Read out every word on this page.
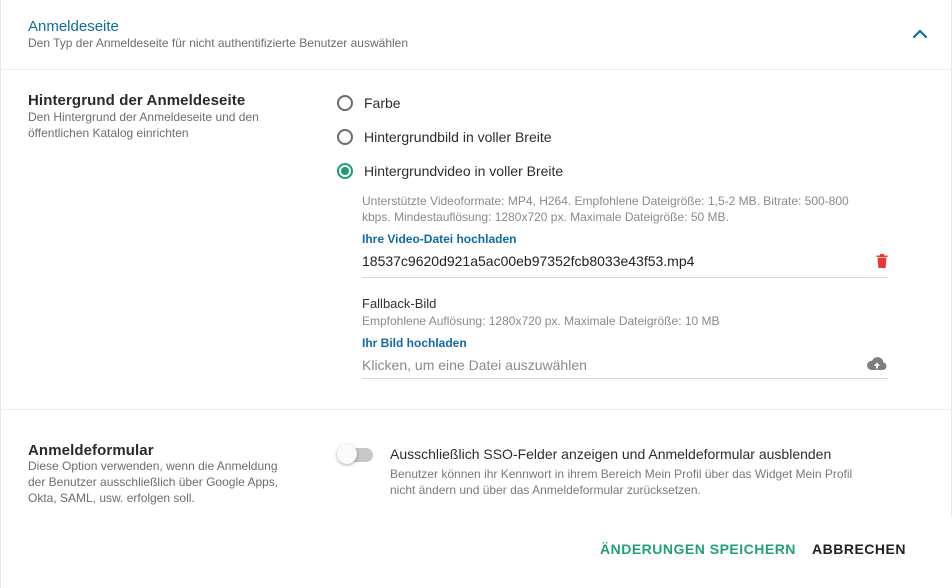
Anmeldeseite
Den Typ der Anmeldeseite für nicht authentifizierte Benutzer auswählen
Hintergrund der Anmeldeseite
Den Hintergrund der Anmeldeseite und den
öffentlichen Katalog einrichten
Farbe
Hintergrundbild in voller Breite
Hintergrundvideo in voller Breite
Unterstützte Videoformate: MP4, H264. Empfohlene Dateigröße: 1,5-2 MB. Bitrate: 500-800
kbps. Mindestauflösung: 1280x720 px. Maximale Dateigröße: 50 MB.
Ihre Video-Datei hochladen
18537c9620d921a5ac00eb97352fcb8033e43f53.mp4
Fallback-Bild
Empfohlene Auflösung: 1280x720 px. Maximale Dateigröße: 10 MB
Ihr Bild hochladen
Klicken, um eine Datei auszuwählen
Anmeldeformular
Diese Option verwenden, wenn die Anmeldung
der Benutzer ausschließlich über Google Apps,
Okta, SAML, usw. erfolgen soll.
Ausschließlich SSO-Felder anzeigen und Anmeldeformular ausblenden
Benutzer können ihr Kennwort in ihrem Bereich Mein Profil über das Widget Mein Profil
nicht ändern und über das Anmeldeformular zurücksetzen.
ÄNDERUNGEN SPEICHERN ABBRECHEN
